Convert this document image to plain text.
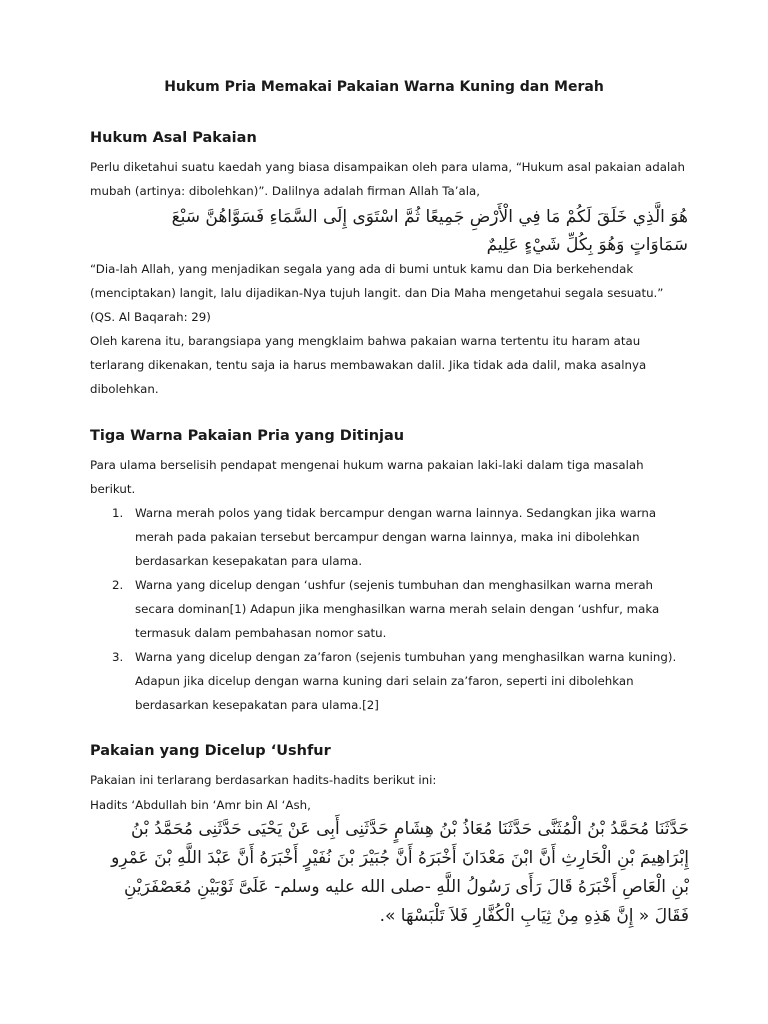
Hukum Pria Memakai Pakaian Warna Kuning dan Merah
Hukum Asal Pakaian
Perlu diketahui suatu kaedah yang biasa disampaikan oleh para ulama, “Hukum asal pakaian adalah mubah (artinya: dibolehkan)”. Dalilnya adalah firman Allah Ta’ala,
هُوَ الَّذِي خَلَقَ لَكُمْ مَا فِي الْأَرْضِ جَمِيعًا ثُمَّ اسْتَوَى إِلَى السَّمَاءِ فَسَوَّاهُنَّ سَبْعَ سَمَاوَاتٍ وَهُوَ بِكُلِّ شَيْءٍ عَلِيمٌ
“Dia-lah Allah, yang menjadikan segala yang ada di bumi untuk kamu dan Dia berkehendak (menciptakan) langit, lalu dijadikan-Nya tujuh langit. dan Dia Maha mengetahui segala sesuatu.” (QS. Al Baqarah: 29)
Oleh karena itu, barangsiapa yang mengklaim bahwa pakaian warna tertentu itu haram atau terlarang dikenakan, tentu saja ia harus membawakan dalil. Jika tidak ada dalil, maka asalnya dibolehkan.
Tiga Warna Pakaian Pria yang Ditinjau
Para ulama berselisih pendapat mengenai hukum warna pakaian laki-laki dalam tiga masalah berikut.
1. Warna merah polos yang tidak bercampur dengan warna lainnya. Sedangkan jika warna merah pada pakaian tersebut bercampur dengan warna lainnya, maka ini dibolehkan berdasarkan kesepakatan para ulama.
2. Warna yang dicelup dengan ‘ushfur (sejenis tumbuhan dan menghasilkan warna merah secara dominan[1) Adapun jika menghasilkan warna merah selain dengan ‘ushfur, maka termasuk dalam pembahasan nomor satu.
3. Warna yang dicelup dengan za’faron (sejenis tumbuhan yang menghasilkan warna kuning). Adapun jika dicelup dengan warna kuning dari selain za’faron, seperti ini dibolehkan berdasarkan kesepakatan para ulama.[2]
Pakaian yang Dicelup ‘Ushfur
Pakaian ini terlarang berdasarkan hadits-hadits berikut ini:
Hadits ‘Abdullah bin ‘Amr bin Al ‘Ash,
حَدَّثَنَا مُحَمَّدُ بْنُ الْمُثَنَّى حَدَّثَنَا مُعَاذُ بْنُ هِشَامٍ حَدَّثَنِى أَبِى عَنْ يَحْيَى حَدَّثَنِى مُحَمَّدُ بْنُ إِبْرَاهِيمَ بْنِ الْحَارِثِ أَنَّ ابْنَ مَعْدَانَ أَخْبَرَهُ أَنَّ جُبَيْرَ بْنَ نُفَيْرٍ أَخْبَرَهُ أَنَّ عَبْدَ اللَّهِ بْنَ عَمْرِو بْنِ الْعَاصِ أَخْبَرَهُ قَالَ رَأَى رَسُولُ اللَّهِ -صلى الله عليه وسلم- عَلَىَّ ثَوْبَيْنِ مُعَصْفَرَيْنِ فَقَالَ « إِنَّ هَذِهِ مِنْ ثِيَابِ الْكُفَّارِ فَلاَ تَلْبَسْهَا ».
